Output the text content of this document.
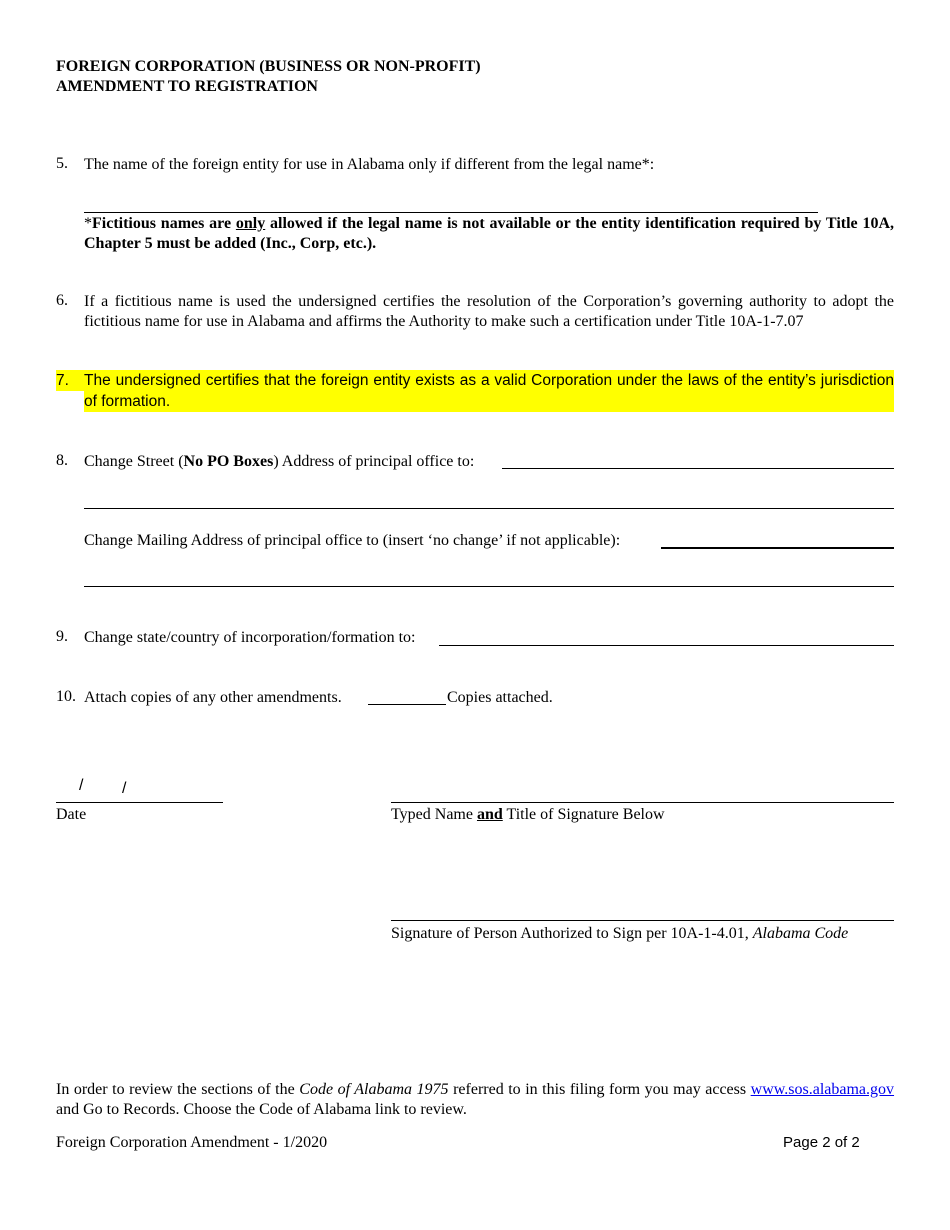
FOREIGN CORPORATION (BUSINESS OR NON-PROFIT)
AMENDMENT TO REGISTRATION
5. The name of the foreign entity for use in Alabama only if different from the legal name*:
*Fictitious names are only allowed if the legal name is not available or the entity identification required by Title 10A, Chapter 5 must be added (Inc., Corp, etc.).
6. If a fictitious name is used the undersigned certifies the resolution of the Corporation’s governing authority to adopt the fictitious name for use in Alabama and affirms the Authority to make such a certification under Title 10A-1-7.07
7. The undersigned certifies that the foreign entity exists as a valid Corporation under the laws of the entity’s jurisdiction of formation.
8. Change Street (No PO Boxes) Address of principal office to:
Change Mailing Address of principal office to (insert ‘no change’ if not applicable):
9. Change state/country of incorporation/formation to:
10. Attach copies of any other amendments.	Copies attached.
/ /
Date	Typed Name and Title of Signature Below
Signature of Person Authorized to Sign per 10A-1-4.01, Alabama Code
In order to review the sections of the Code of Alabama 1975 referred to in this filing form you may access www.sos.alabama.gov and Go to Records. Choose the Code of Alabama link to review.
Foreign Corporation Amendment - 1/2020	Page 2 of 2
